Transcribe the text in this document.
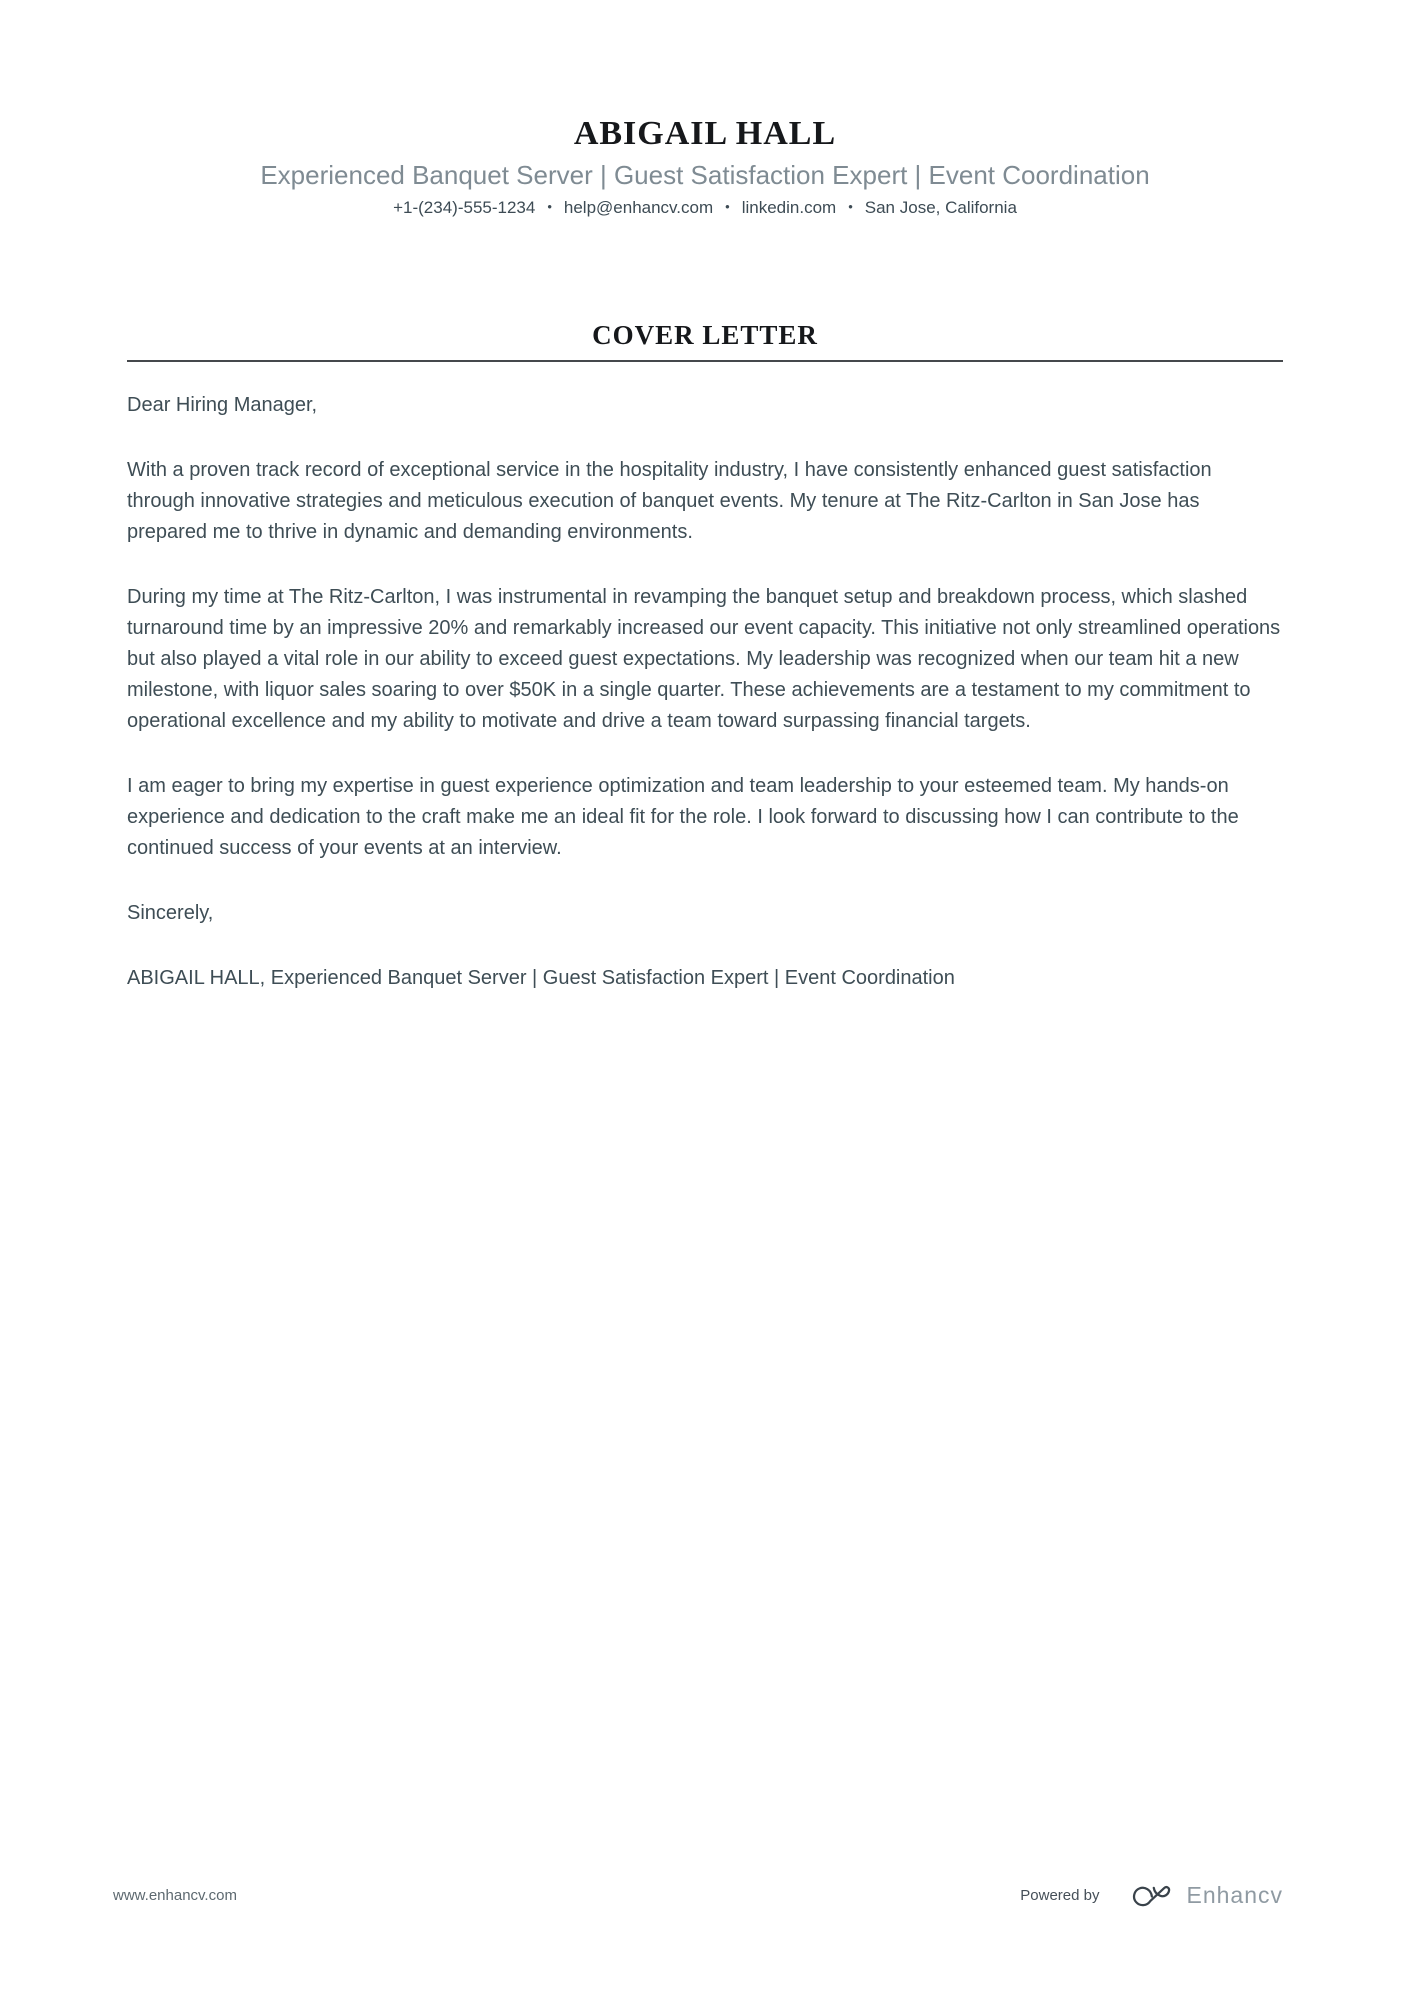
ABIGAIL HALL
Experienced Banquet Server | Guest Satisfaction Expert | Event Coordination
+1-(234)-555-1234 • help@enhancv.com • linkedin.com • San Jose, California
COVER LETTER

Dear Hiring Manager,

With a proven track record of exceptional service in the hospitality industry, I have consistently enhanced guest satisfaction through innovative strategies and meticulous execution of banquet events. My tenure at The Ritz-Carlton in San Jose has prepared me to thrive in dynamic and demanding environments.

During my time at The Ritz-Carlton, I was instrumental in revamping the banquet setup and breakdown process, which slashed turnaround time by an impressive 20% and remarkably increased our event capacity. This initiative not only streamlined operations but also played a vital role in our ability to exceed guest expectations. My leadership was recognized when our team hit a new milestone, with liquor sales soaring to over $50K in a single quarter. These achievements are a testament to my commitment to operational excellence and my ability to motivate and drive a team toward surpassing financial targets.

I am eager to bring my expertise in guest experience optimization and team leadership to your esteemed team. My hands-on experience and dedication to the craft make me an ideal fit for the role. I look forward to discussing how I can contribute to the continued success of your events at an interview.

Sincerely,

ABIGAIL HALL, Experienced Banquet Server | Guest Satisfaction Expert | Event Coordination

www.enhancv.com	Powered by	Enhancv
